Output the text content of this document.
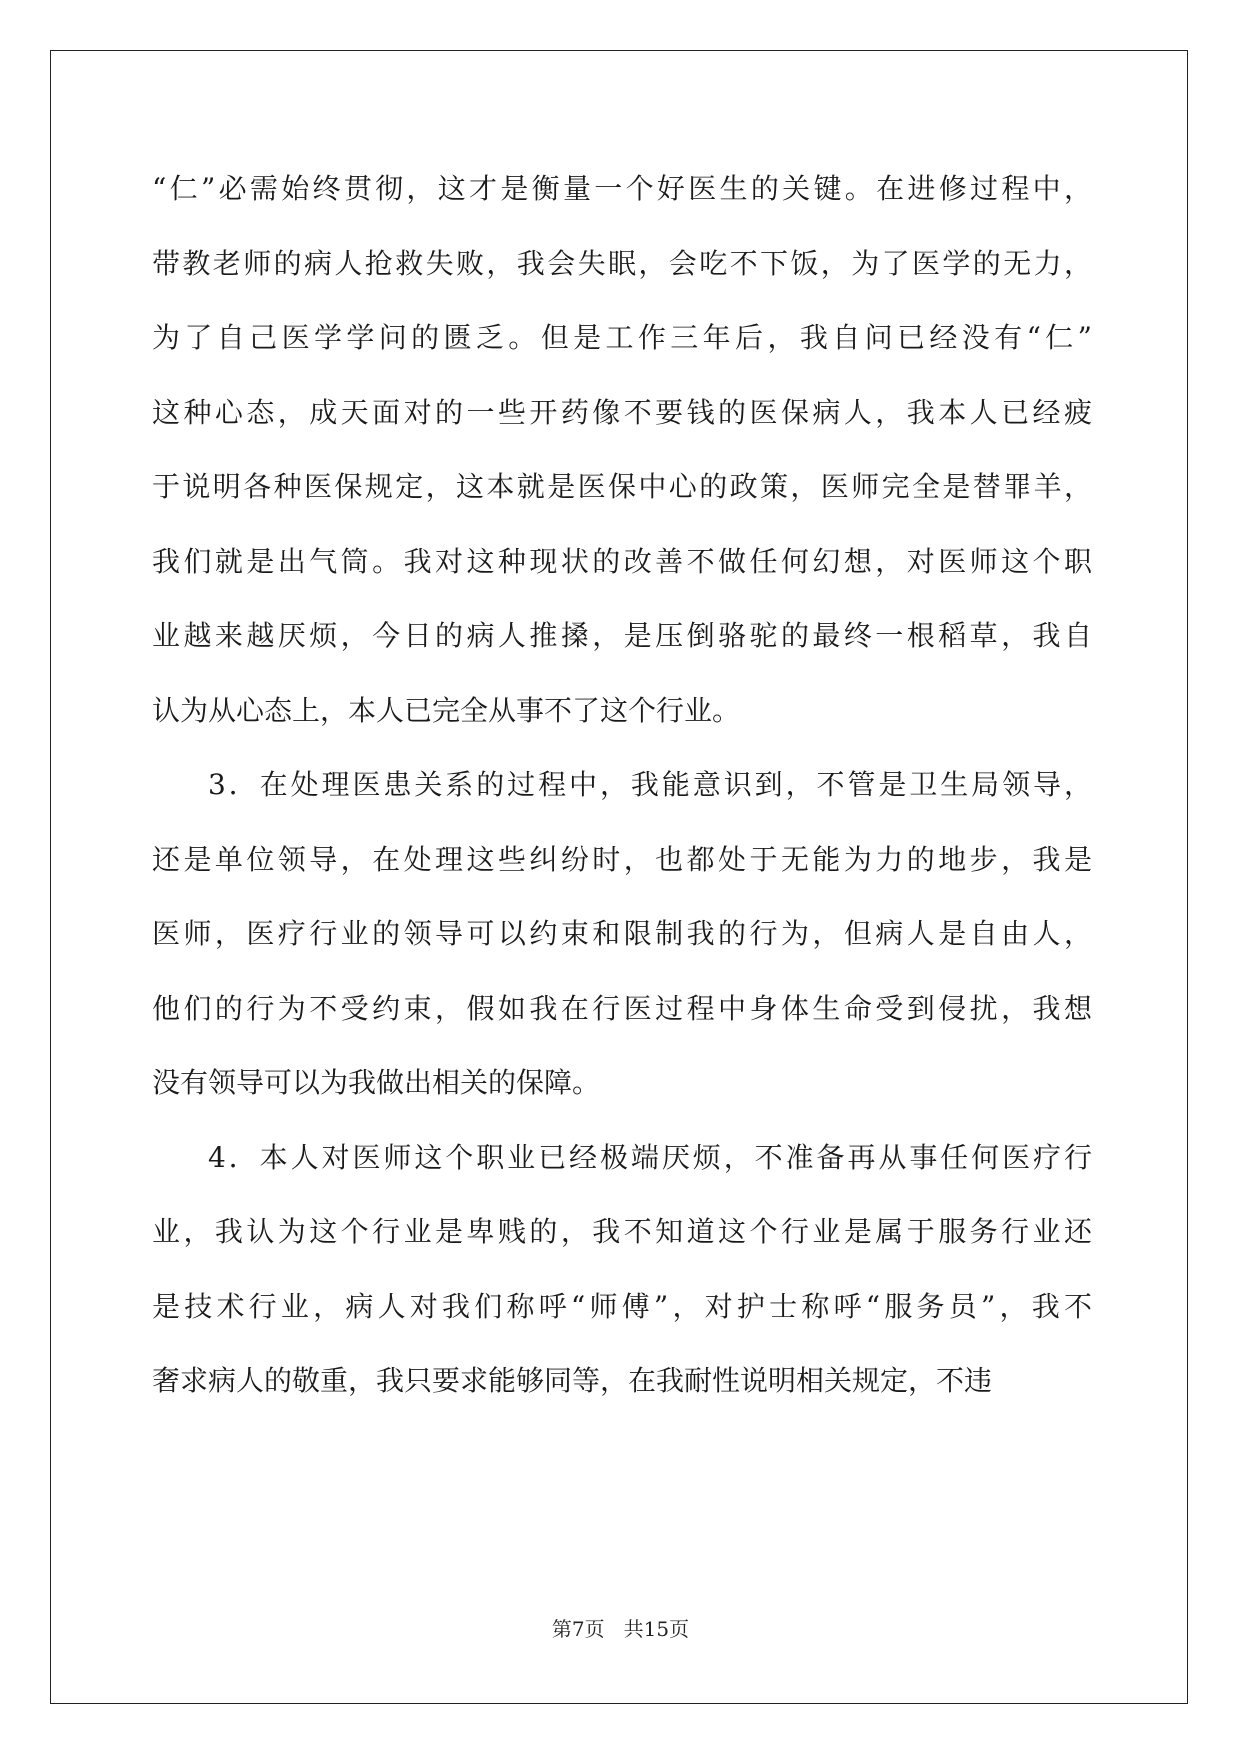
“仁”必需始终贯彻，这才是衡量一个好医生的关键。在进修过程中，
带教老师的病人抢救失败，我会失眠，会吃不下饭，为了医学的无力，
为了自己医学学问的匮乏。但是工作三年后，我自问已经没有“仁”
这种心态，成天面对的一些开药像不要钱的医保病人，我本人已经疲
于说明各种医保规定，这本就是医保中心的政策，医师完全是替罪羊，
我们就是出气筒。我对这种现状的改善不做任何幻想，对医师这个职
业越来越厌烦，今日的病人推搡，是压倒骆驼的最终一根稻草，我自
认为从心态上，本人已完全从事不了这个行业。
3．在处理医患关系的过程中，我能意识到，不管是卫生局领导，
还是单位领导，在处理这些纠纷时，也都处于无能为力的地步，我是
医师，医疗行业的领导可以约束和限制我的行为，但病人是自由人，
他们的行为不受约束，假如我在行医过程中身体生命受到侵扰，我想
没有领导可以为我做出相关的保障。
4．本人对医师这个职业已经极端厌烦，不准备再从事任何医疗行
业，我认为这个行业是卑贱的，我不知道这个行业是属于服务行业还
是技术行业，病人对我们称呼“师傅”，对护士称呼“服务员”，我不
奢求病人的敬重，我只要求能够同等，在我耐性说明相关规定，不违
第7页 共15页
